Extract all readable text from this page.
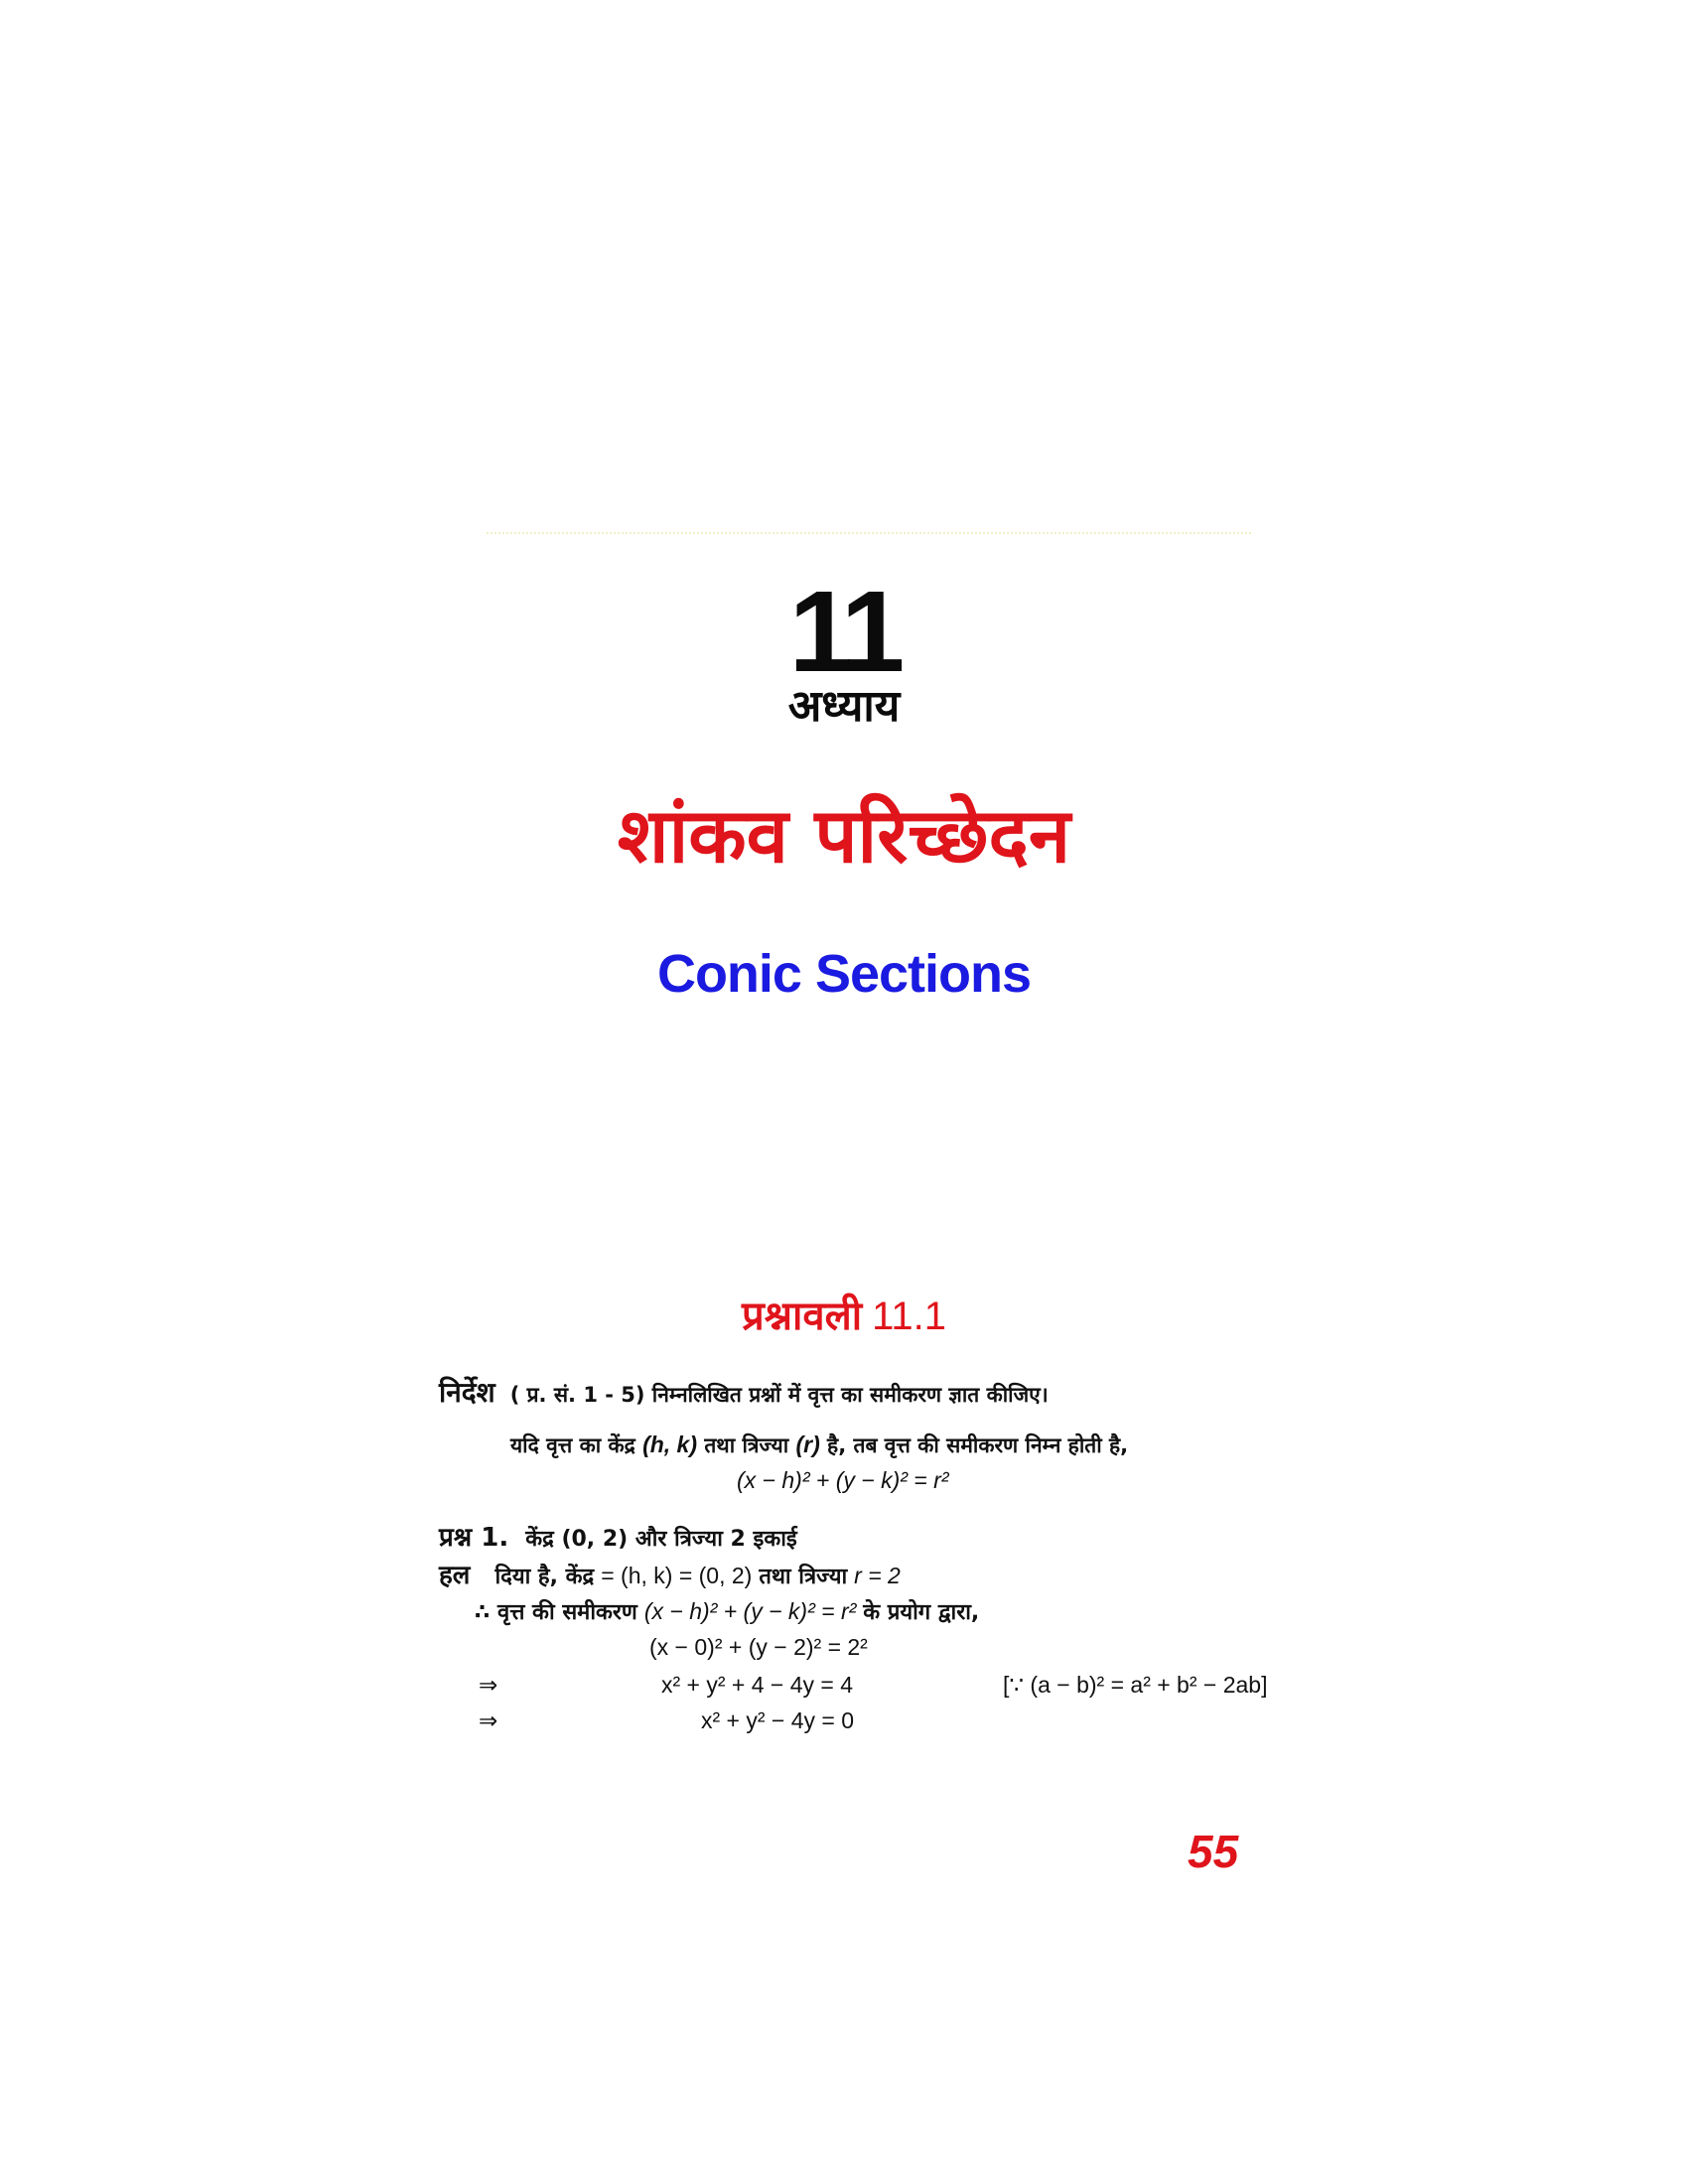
11
अध्याय
शांकव परिच्छेदन
Conic Sections
प्रश्नावली 11.1
निर्देश ( प्र. सं. 1 - 5) निम्नलिखित प्रश्नों में वृत्त का समीकरण ज्ञात कीजिए।
यदि वृत्त का केंद्र (h, k) तथा त्रिज्या (r) है, तब वृत्त की समीकरण निम्न होती है,
(x − h)² + (y − k)² = r²
प्रश्न 1. केंद्र (0, 2) और त्रिज्या 2 इकाई
हल दिया है, केंद्र = (h, k) = (0, 2) तथा त्रिज्या r = 2
∴ वृत्त की समीकरण (x − h)² + (y − k)² = r² के प्रयोग द्वारा,
(x − 0)² + (y − 2)² = 2²
⇒	x² + y² + 4 − 4y = 4	[∵ (a − b)² = a² + b² − 2ab]
⇒	x² + y² − 4y = 0
55
